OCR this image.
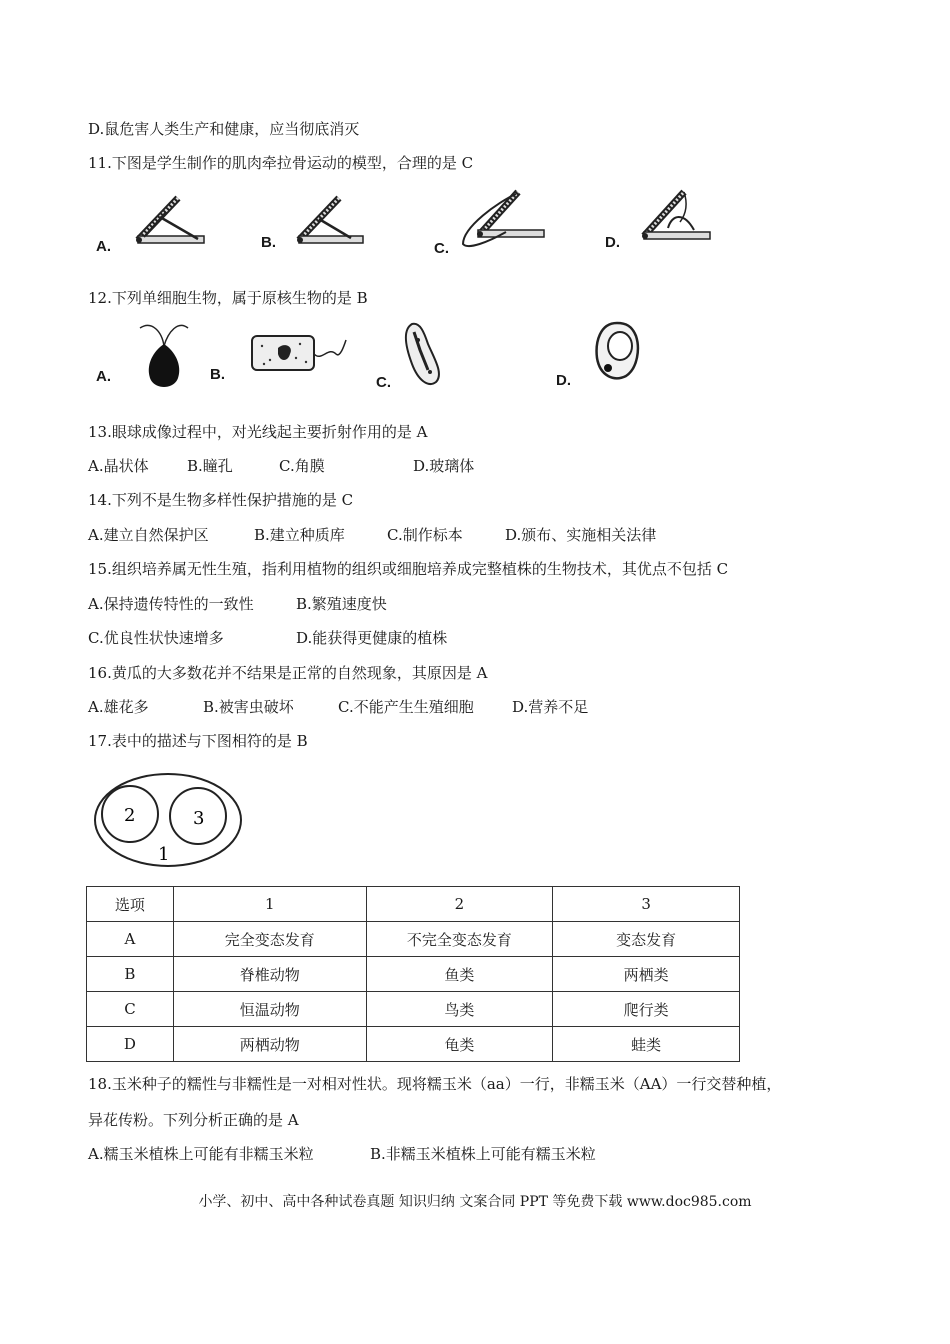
D.鼠危害人类生产和健康，应当彻底消灭
11.下图是学生制作的肌肉牵拉骨运动的模型，合理的是 C
A.	B.	C.	D.
12.下列单细胞生物，属于原核生物的是 B
A.	B.	C.	D.
13.眼球成像过程中，对光线起主要折射作用的是 A
A.晶状体	B.瞳孔	C.角膜	D.玻璃体
14.下列不是生物多样性保护措施的是 C
A.建立自然保护区	B.建立种质库	C.制作标本	D.颁布、实施相关法律
15.组织培养属无性生殖，指利用植物的组织或细胞培养成完整植株的生物技术，其优点不包括 C
A.保持遗传特性的一致性	B.繁殖速度快
C.优良性状快速增多	D.能获得更健康的植株
16.黄瓜的大多数花并不结果是正常的自然现象，其原因是 A
A.雄花多	B.被害虫破坏	C.不能产生生殖细胞	D.营养不足
17.表中的描述与下图相符的是 B
2	3
1
选项	1	2	3
A	完全变态发育	不完全变态发育	变态发育
B	脊椎动物	鱼类	两栖类
C	恒温动物	鸟类	爬行类
D	两栖动物	龟类	蛙类
18.玉米种子的糯性与非糯性是一对相对性状。现将糯玉米（aa）一行，非糯玉米（AA）一行交替种植，
异花传粉。下列分析正确的是 A
A.糯玉米植株上可能有非糯玉米粒	B.非糯玉米植株上可能有糯玉米粒
小学、初中、高中各种试卷真题 知识归纳 文案合同 PPT 等免费下载 www.doc985.com
